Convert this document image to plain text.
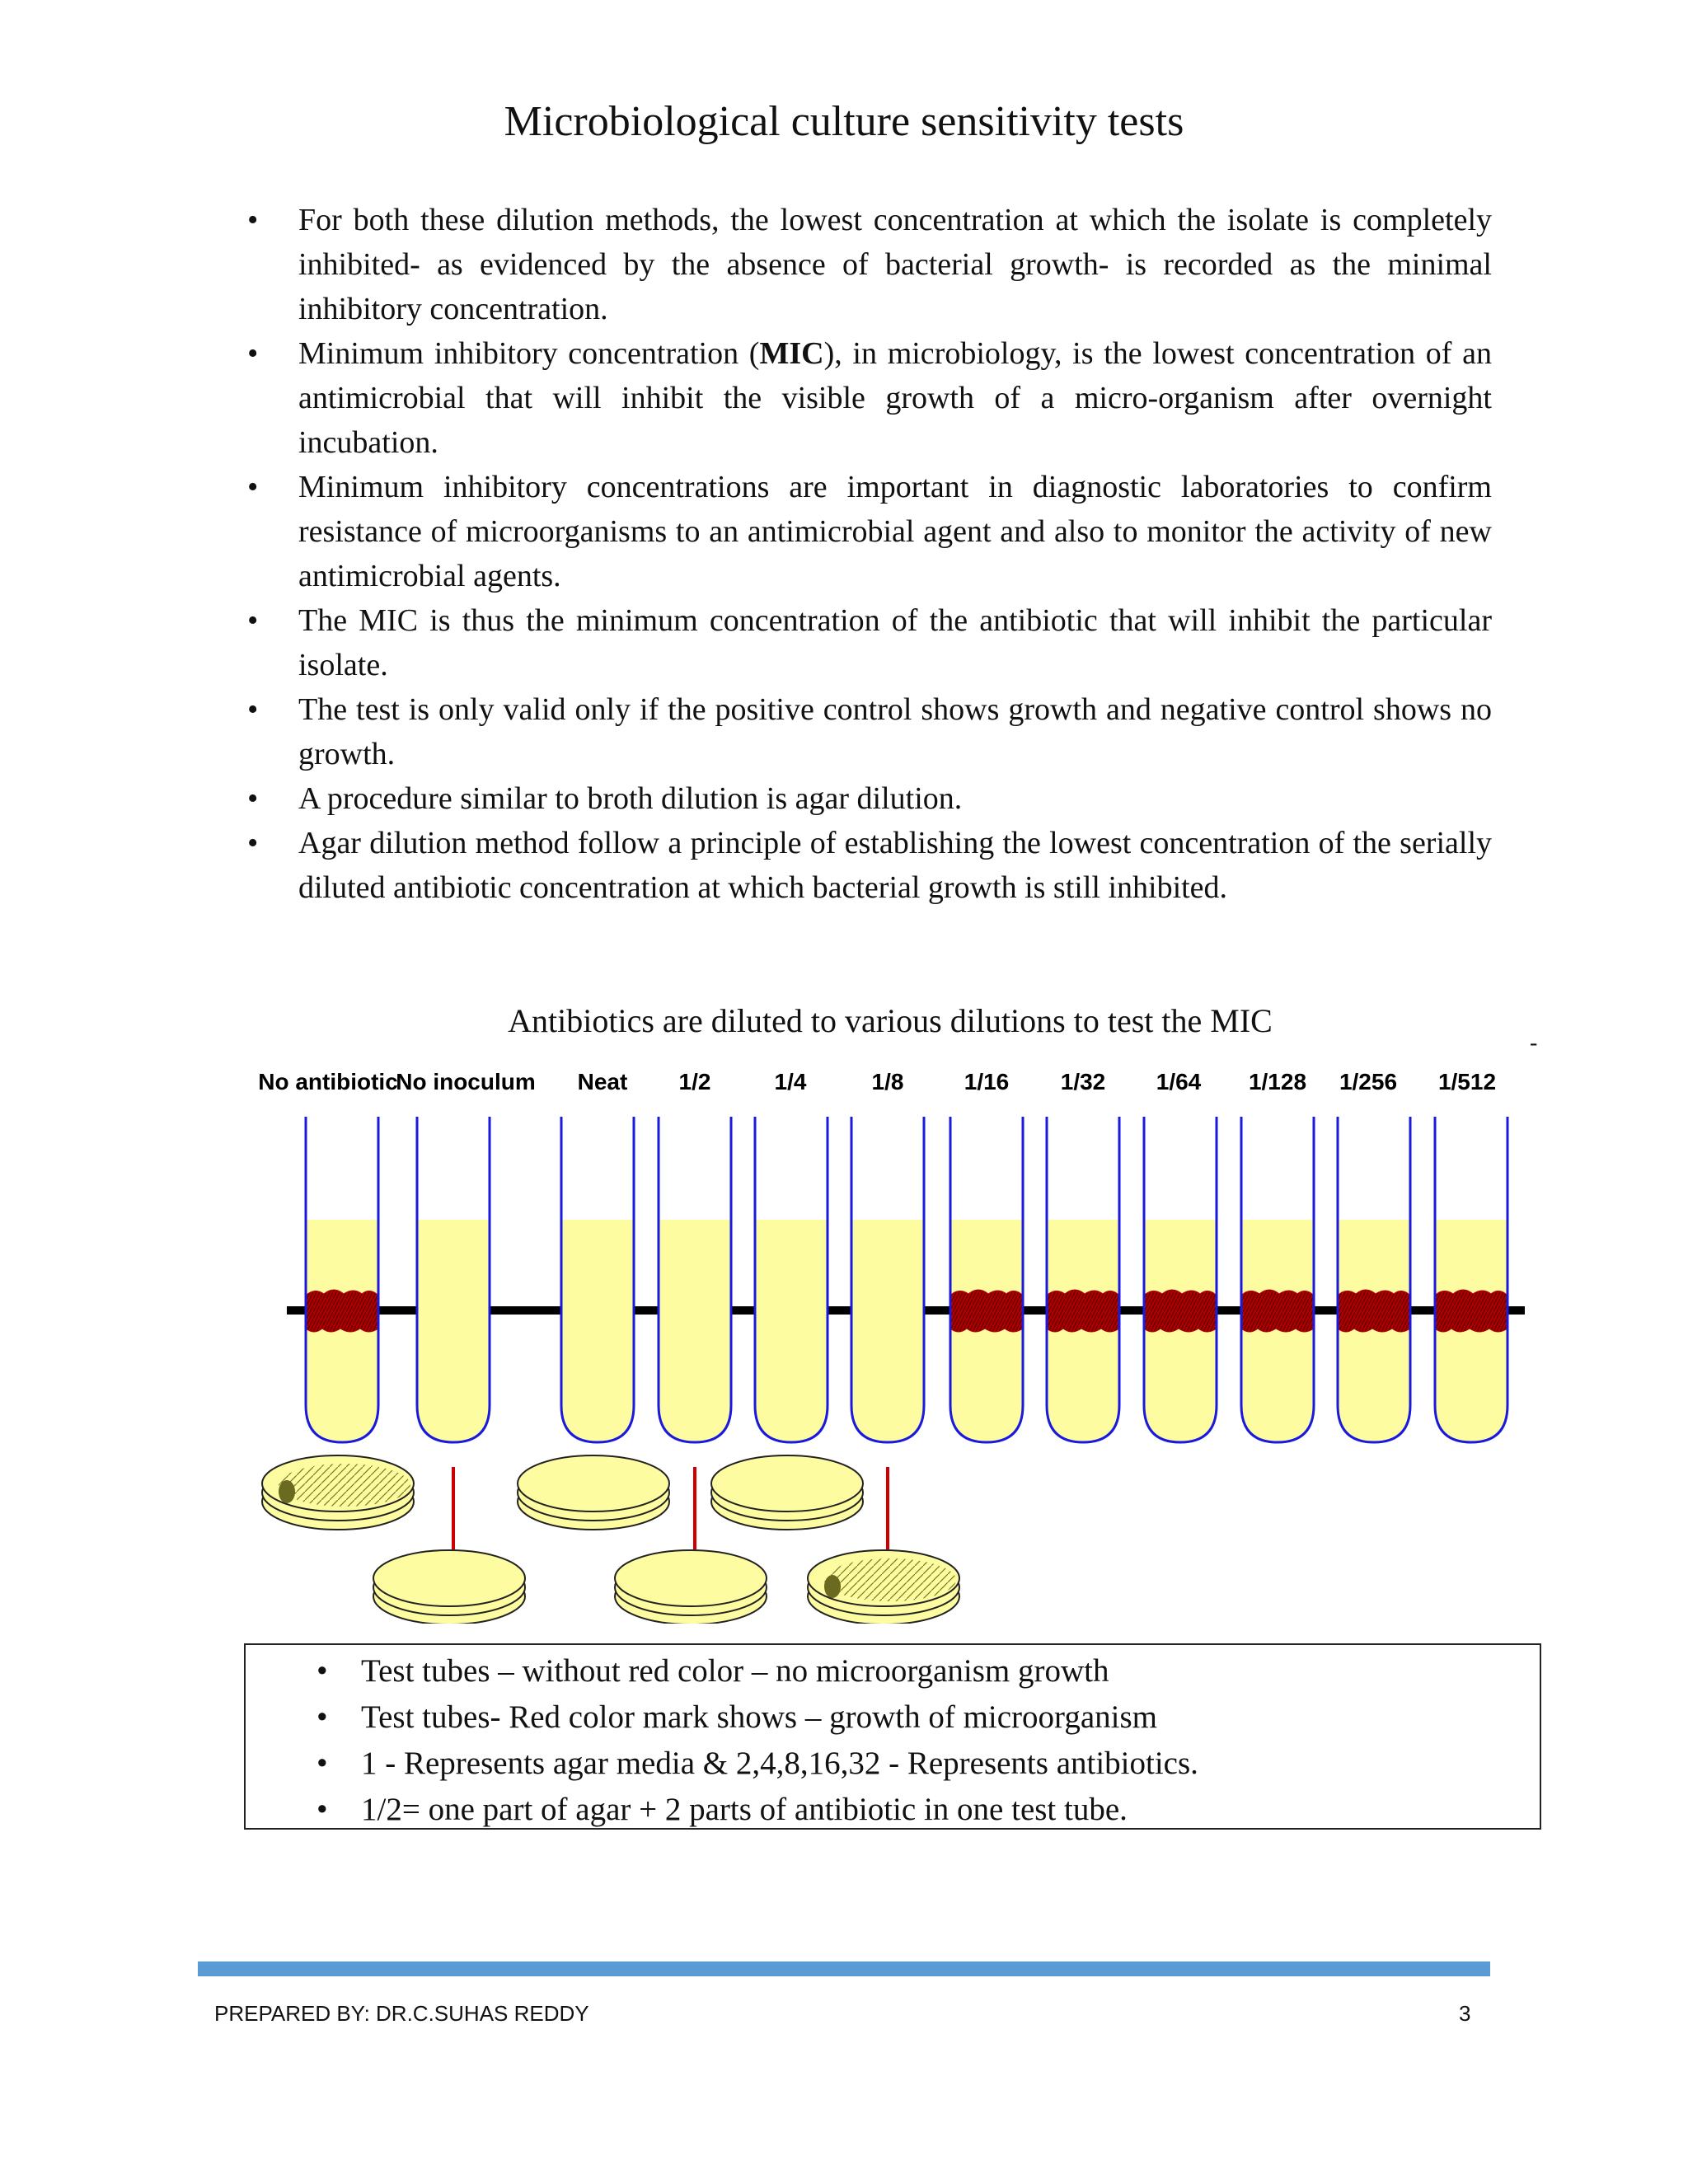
Microbiological culture sensitivity tests
• For both these dilution methods, the lowest concentration at which the isolate is completely inhibited- as evidenced by the absence of bacterial growth- is recorded as the minimal inhibitory concentration.
• Minimum inhibitory concentration (MIC), in microbiology, is the lowest concentration of an antimicrobial that will inhibit the visible growth of a micro-organism after overnight incubation.
• Minimum inhibitory concentrations are important in diagnostic laboratories to confirm resistance of microorganisms to an antimicrobial agent and also to monitor the activity of new antimicrobial agents.
• The MIC is thus the minimum concentration of the antibiotic that will inhibit the particular isolate.
• The test is only valid only if the positive control shows growth and negative control shows no growth.
• A procedure similar to broth dilution is agar dilution.
• Agar dilution method follow a principle of establishing the lowest concentration of the serially diluted antibiotic concentration at which bacterial growth is still inhibited.
Antibiotics are diluted to various dilutions to test the MIC
-
No antibiotic
No inoculum Neat 1/2	1/4	1/8	1/16 1/32 1/64 1/128 1/256 1/512
• Test tubes – without red color – no microorganism growth
• Test tubes- Red color mark shows – growth of microorganism
• 1 - Represents agar media & 2,4,8,16,32 - Represents antibiotics.
• 1/2= one part of agar + 2 parts of antibiotic in one test tube.
PREPARED BY: DR.C.SUHAS REDDY	3
